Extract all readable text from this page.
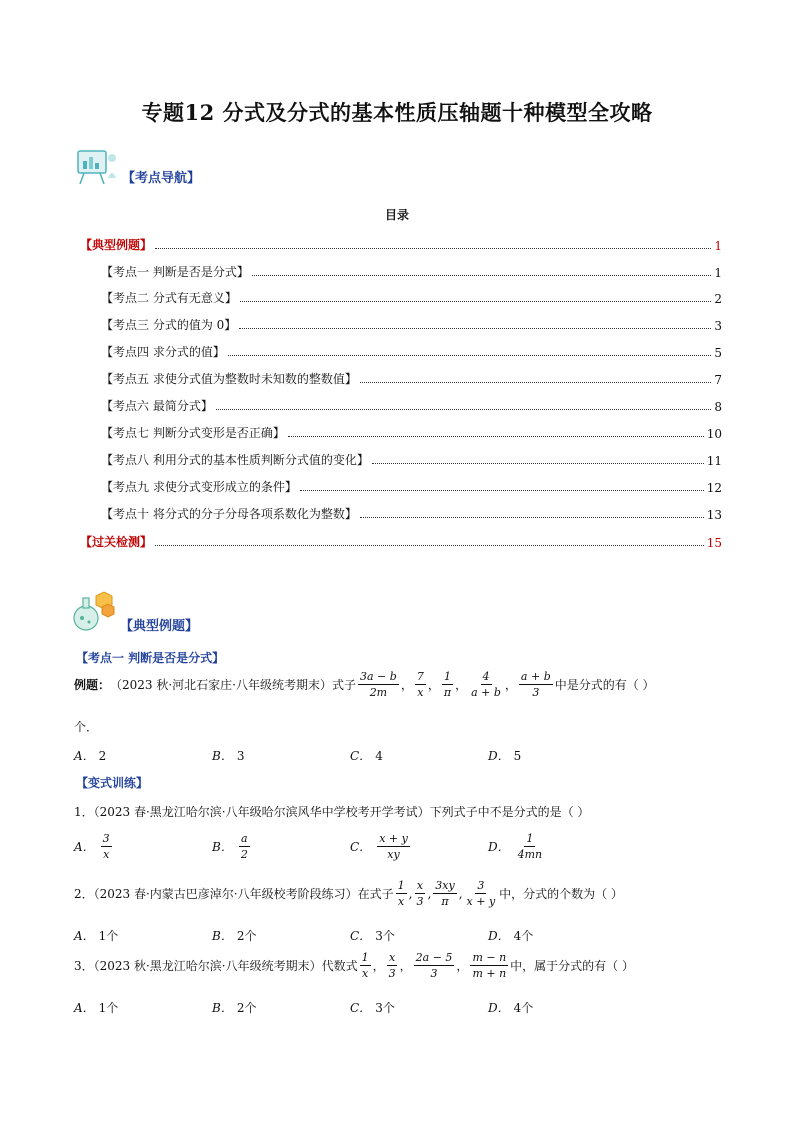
专题12 分式及分式的基本性质压轴题十种模型全攻略
【考点导航】
目录
【典型例题】	1
【考点一 判断是否是分式】	1
【考点二 分式有无意义】	2
【考点三 分式的值为 0】	3
【考点四 求分式的值】	5
【考点五 求使分式值为整数时未知数的整数值】	7
【考点六 最简分式】	8
【考点七 判断分式变形是否正确】	10
【考点八 利用分式的基本性质判断分式值的变化】	11
【考点九 求使分式变形成立的条件】	12
【考点十 将分式的分子分母各项系数化为整数】	13
【过关检测】	15
【典型例题】
【考点一 判断是否是分式】
例题： （2023 秋·河北石家庄·八年级统考期末）式子 $\frac{3a - b}{2m}$ ， $\frac{7}{x}$ ， $\frac{1}{\pi}$ ， $\frac{4}{a + b}$ ， $\frac{a + b}{3}$ 中是分式的有（ ）
个．
A． 2	B． 3	C． 4	D． 5
【变式训练】
1．（2023 春·黑龙江哈尔滨·八年级哈尔滨风华中学校考开学考试）下列式子中不是分式的是（ ）
A． $\frac{3}{x}$	B． $\frac{a}{2}$	C． $\frac{x + y}{xy}$	D． $\frac{1}{4mn}$
2．（2023 春·内蒙古巴彦淖尔·八年级校考阶段练习）在式子 $\frac{1}{x}$ , $\frac{x}{3}$ , $\frac{3xy}{\pi}$ , $\frac{3}{x + y}$ 中，分式的个数为（ ）
A． 1个	B． 2个	C． 3个	D． 4个
3．（2023 秋·黑龙江哈尔滨·八年级统考期末）代数式 $\frac{1}{x}$ ， $\frac{x}{3}$ ， $\frac{2a - 5}{3}$ ， $\frac{m - n}{m + n}$ 中，属于分式的有（ ）
A． 1个	B． 2个	C． 3个	D． 4个
